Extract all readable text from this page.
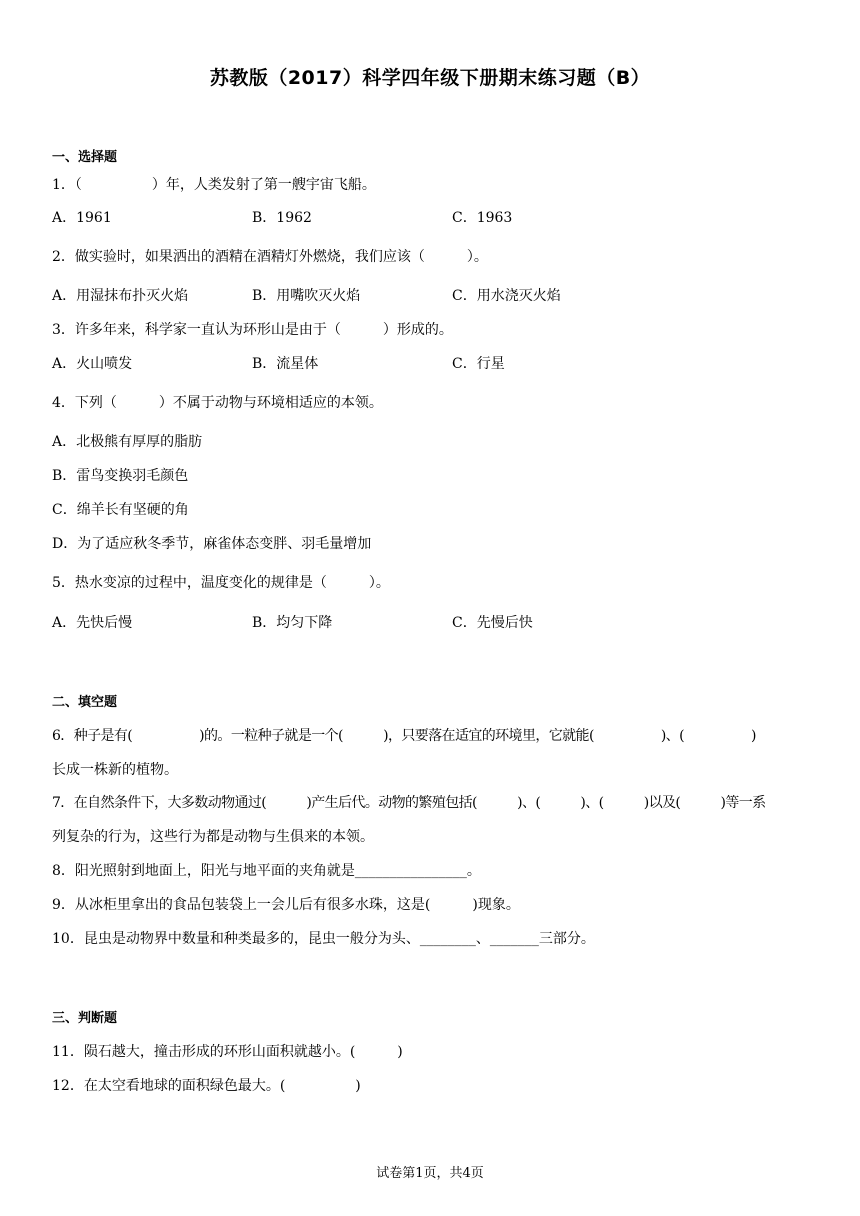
苏教版（2017）科学四年级下册期末练习题（B）
一、选择题
1．（　　　　　）年，人类发射了第一艘宇宙飞船。
A．1961	B．1962	C．1963
2．做实验时，如果洒出的酒精在酒精灯外燃烧，我们应该（　　　）。
A．用湿抹布扑灭火焰	B．用嘴吹灭火焰	C．用水浇灭火焰
3．许多年来，科学家一直认为环形山是由于（　　　）形成的。
A．火山喷发	B．流星体	C．行星
4．下列（　　　）不属于动物与环境相适应的本领。
A．北极熊有厚厚的脂肪
B．雷鸟变换羽毛颜色
C．绵羊长有坚硬的角
D．为了适应秋冬季节，麻雀体态变胖、羽毛量增加
5．热水变凉的过程中，温度变化的规律是（　　　）。
A．先快后慢	B．均匀下降	C．先慢后快
二、填空题
6．种子是有(　　　　　)的。一粒种子就是一个(　　　)，只要落在适宜的环境里，它就能(　　　　　)、(　　　　　)
长成一株新的植物。
7．在自然条件下，大多数动物通过(　　　)产生后代。动物的繁殖包括(　　　)、(　　　)、(　　　)以及(　　　)等一系
列复杂的行为，这些行为都是动物与生俱来的本领。
8．阳光照射到地面上，阳光与地平面的夹角就是________________。
9．从冰柜里拿出的食品包装袋上一会儿后有很多水珠，这是(　　　)现象。
10．昆虫是动物界中数量和种类最多的，昆虫一般分为头、________、_______三部分。
三、判断题
11．陨石越大，撞击形成的环形山面积就越小。(　　　)
12．在太空看地球的面积绿色最大。(　　　　　)
试卷第1页，共4页
